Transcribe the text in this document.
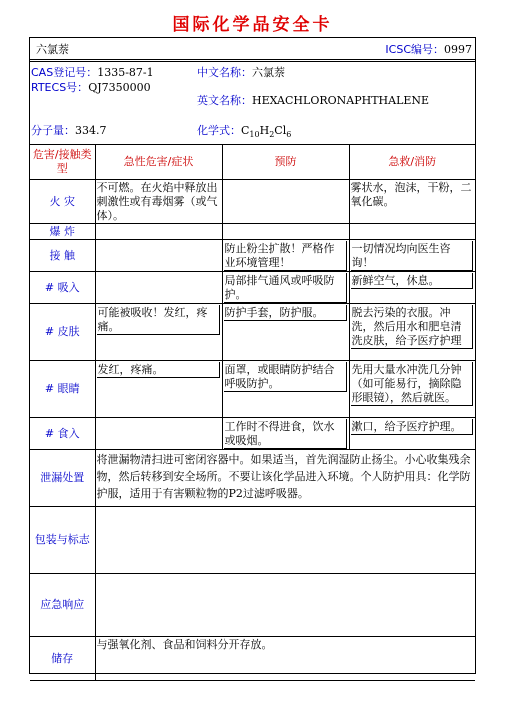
国际化学品安全卡
六氯萘	ICSC编号：0997
CAS登记号：1335-87-1
RTECS号：QJ7350000
中文名称：六氯萘
英文名称：HEXACHLORONAPHTHALENE
分子量：334.7	化学式：$C_{10}H_2Cl_6$
危害/接触类型	急性危害/症状	预防	急救/消防
火 灾	不可燃。在火焰中释放出刺激性或有毒烟雾（或气体）。		雾状水，泡沫，干粉，二氧化碳。

爆 炸	

接 触		防止粉尘扩散！严格作业环境管理！	一切情况均向医生咨询！

# 吸入		局部排气通风或呼吸防护。	新鲜空气，休息。

# 皮肤	可能被吸收！发红，疼痛。	防护手套，防护服。	脱去污染的衣服。冲洗，然后用水和肥皂清洗皮肤，给予医疗护理

# 眼睛	发红，疼痛。	面罩，或眼睛防护结合呼吸防护。	先用大量水冲洗几分钟（如可能易行，摘除隐形眼镜），然后就医。

# 食入		工作时不得进食，饮水或吸烟。	漱口，给予医疗护理。

泄漏处置	将泄漏物清扫进可密闭容器中。如果适当，首先润湿防止扬尘。小心收集残余物，然后转移到安全场所。不要让该化学品进入环境。个人防护用具：化学防护服，适用于有害颗粒物的P2过滤呼吸器。		

包装与标志			

应急响应			

储存	与强氧化剂、食品和饲料分开存放。		
